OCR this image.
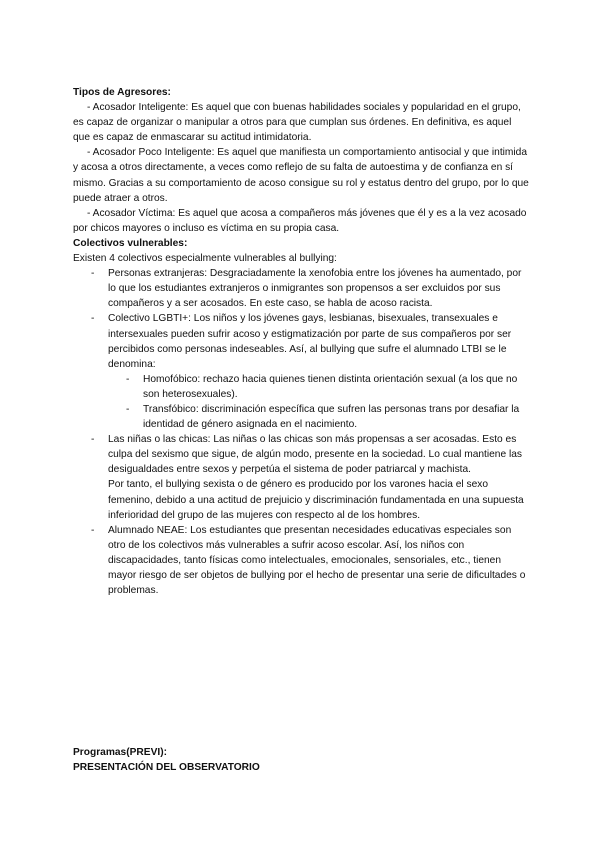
Tipos de Agresores:

- Acosador Inteligente: Es aquel que con buenas habilidades sociales y popularidad en el grupo, es capaz de organizar o manipular a otros para que cumplan sus órdenes. En definitiva, es aquel que es capaz de enmascarar su actitud intimidatoria.

- Acosador Poco Inteligente: Es aquel que manifiesta un comportamiento antisocial y que intimida y acosa a otros directamente, a veces como reflejo de su falta de autoestima y de confianza en sí mismo. Gracias a su comportamiento de acoso consigue su rol y estatus dentro del grupo, por lo que puede atraer a otros.

- Acosador Víctima: Es aquel que acosa a compañeros más jóvenes que él y es a la vez acosado por chicos mayores o incluso es víctima en su propia casa.

Colectivos vulnerables:

Existen 4 colectivos especialmente vulnerables al bullying:

- Personas extranjeras: Desgraciadamente la xenofobia entre los jóvenes ha aumentado, por lo que los estudiantes extranjeros o inmigrantes son propensos a ser excluidos por sus compañeros y a ser acosados. En este caso, se habla de acoso racista.
- Colectivo LGBTI+: Los niños y los jóvenes gays, lesbianas, bisexuales, transexuales e intersexuales pueden sufrir acoso y estigmatización por parte de sus compañeros por ser percibidos como personas indeseables. Así, al bullying que sufre el alumnado LTBI se le denomina:
- Homofóbico: rechazo hacia quienes tienen distinta orientación sexual (a los que no son heterosexuales).
- Transfóbico: discriminación específica que sufren las personas trans por desafiar la identidad de género asignada en el nacimiento.
- Las niñas o las chicas: Las niñas o las chicas son más propensas a ser acosadas. Esto es culpa del sexismo que sigue, de algún modo, presente en la sociedad. Lo cual mantiene las desigualdades entre sexos y perpetúa el sistema de poder patriarcal y machista.
Por tanto, el bullying sexista o de género es producido por los varones hacia el sexo femenino, debido a una actitud de prejuicio y discriminación fundamentada en una supuesta inferioridad del grupo de las mujeres con respecto al de los hombres.
- Alumnado NEAE: Los estudiantes que presentan necesidades educativas especiales son otro de los colectivos más vulnerables a sufrir acoso escolar. Así, los niños con discapacidades, tanto físicas como intelectuales, emocionales, sensoriales, etc., tienen mayor riesgo de ser objetos de bullying por el hecho de presentar una serie de dificultades o problemas.
Programas(PREVI):
PRESENTACIÓN DEL OBSERVATORIO
